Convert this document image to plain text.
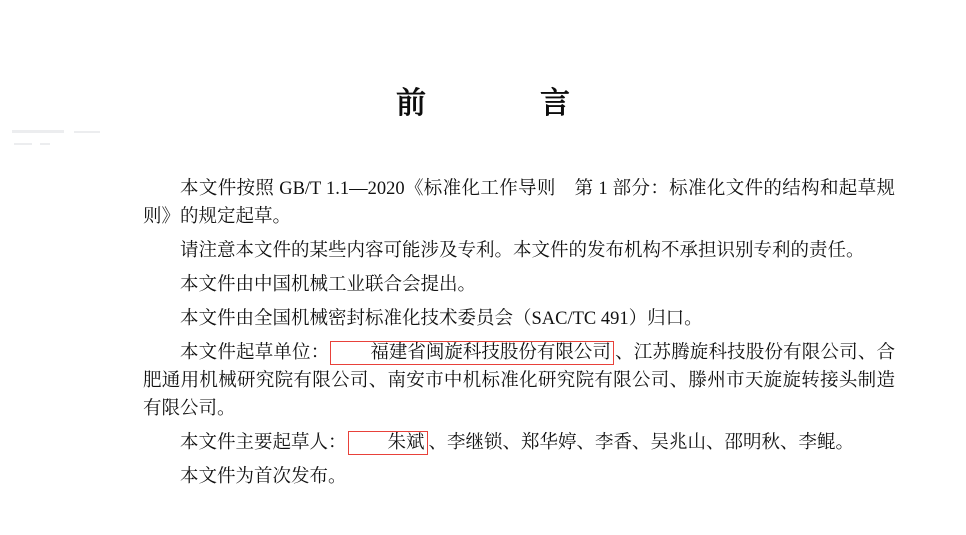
前　　言

本文件按照 GB/T 1.1—2020《标准化工作导则　第 1 部分：标准化文件的结构和起草规则》的规定起草。

请注意本文件的某些内容可能涉及专利。本文件的发布机构不承担识别专利的责任。

本文件由中国机械工业联合会提出。

本文件由全国机械密封标准化技术委员会（SAC/TC 491）归口。

本文件起草单位： 福建省闽旋科技股份有限公司 、江苏腾旋科技股份有限公司、合肥通用机械研究院有限公司、南安市中机标准化研究院有限公司、滕州市天旋旋转接头制造有限公司。

本文件主要起草人： 朱斌 、李继锁、郑华婷、李香、吴兆山、邵明秋、李鲲。

本文件为首次发布。
